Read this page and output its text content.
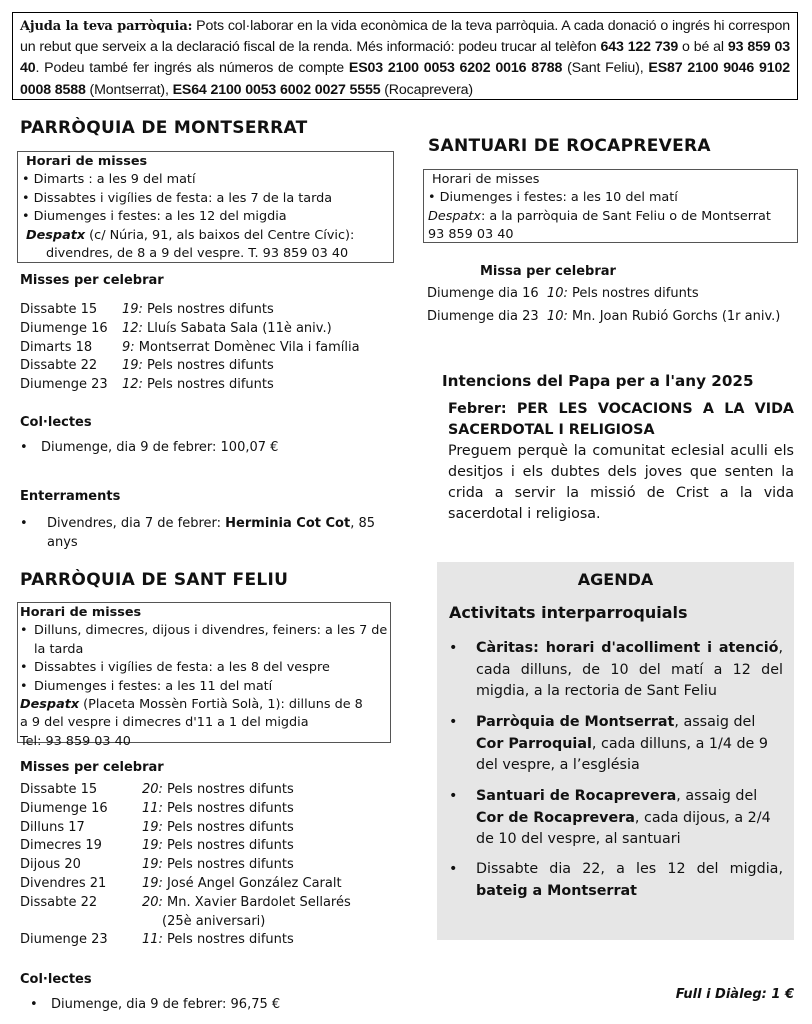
Ajuda la teva parròquia: Pots col·laborar en la vida econòmica de la teva parròquia. A cada donació o ingrés hi correspon un rebut que serveix a la declaració fiscal de la renda. Més informació: podeu trucar al telèfon 643 122 739 o bé al 93 859 03 40. Podeu també fer ingrés als números de compte ES03 2100 0053 6202 0016 8788 (Sant Feliu), ES87 2100 9046 9102 0008 8588 (Montserrat), ES64 2100 0053 6002 0027 5555 (Rocaprevera)
PARRÒQUIA DE MONTSERRAT
Horari de misses
• Dimarts : a les 9 del matí
• Dissabtes i vigílies de festa: a les 7 de la tarda
• Diumenges i festes: a les 12 del migdia
Despatx (c/ Núria, 91, als baixos del Centre Cívic):
divendres, de 8 a 9 del vespre. T. 93 859 03 40
Misses per celebrar
Dissabte 15 19: Pels nostres difunts
Diumenge 16 12: Lluís Sabata Sala (11è aniv.)
Dimarts 18 9: Montserrat Domènec Vila i família
Dissabte 22 19: Pels nostres difunts
Diumenge 23 12: Pels nostres difunts
Col·lectes
• Diumenge, dia 9 de febrer: 100,07 €
Enterraments
• Divendres, dia 7 de febrer: Herminia Cot Cot, 85
anys
PARRÒQUIA DE SANT FELIU
Horari de misses
• Dilluns, dimecres, dijous i divendres, feiners: a les 7 de
la tarda
• Dissabtes i vigílies de festa: a les 8 del vespre
• Diumenges i festes: a les 11 del matí
Despatx (Placeta Mossèn Fortià Solà, 1): dilluns de 8
a 9 del vespre i dimecres d'11 a 1 del migdia
Tel: 93 859 03 40
Misses per celebrar
Dissabte 15	20: Pels nostres difunts
Diumenge 16	11: Pels nostres difunts
Dilluns 17	19: Pels nostres difunts
Dimecres 19	19: Pels nostres difunts
Dijous 20	19: Pels nostres difunts
Divendres 21	19: José Angel González Caralt
Dissabte 22	20: Mn. Xavier Bardolet Sellarés
(25è aniversari)
Diumenge 23	11: Pels nostres difunts
Col·lectes
• Diumenge, dia 9 de febrer: 96,75 €
SANTUARI DE ROCAPREVERA
Horari de misses
• Diumenges i festes: a les 10 del matí
Despatx: a la parròquia de Sant Feliu o de Montserrat
93 859 03 40
Missa per celebrar
Diumenge dia 16 10: Pels nostres difunts
Diumenge dia 23 10: Mn. Joan Rubió Gorchs (1r aniv.)
Intencions del Papa per a l'any 2025
Febrer: PER LES VOCACIONS A LA VIDA
SACERDOTAL I RELIGIOSA
Preguem perquè la comunitat eclesial aculli els desitjos i els dubtes dels joves que senten la crida a servir la missió de Crist a la vida sacerdotal i religiosa.
AGENDA
Activitats interparroquials
• Càritas: horari d'acolliment i atenció, cada dilluns, de 10 del matí a 12 del migdia, a la rectoria de Sant Feliu
• Parròquia de Montserrat, assaig del Cor Parroquial, cada dilluns, a 1/4 de 9 del vespre, a l’església
• Santuari de Rocaprevera, assaig del Cor de Rocaprevera, cada dijous, a 2/4 de 10 del vespre, al santuari
• Dissabte dia 22, a les 12 del migdia, bateig a Montserrat
Full i Diàleg: 1 €
